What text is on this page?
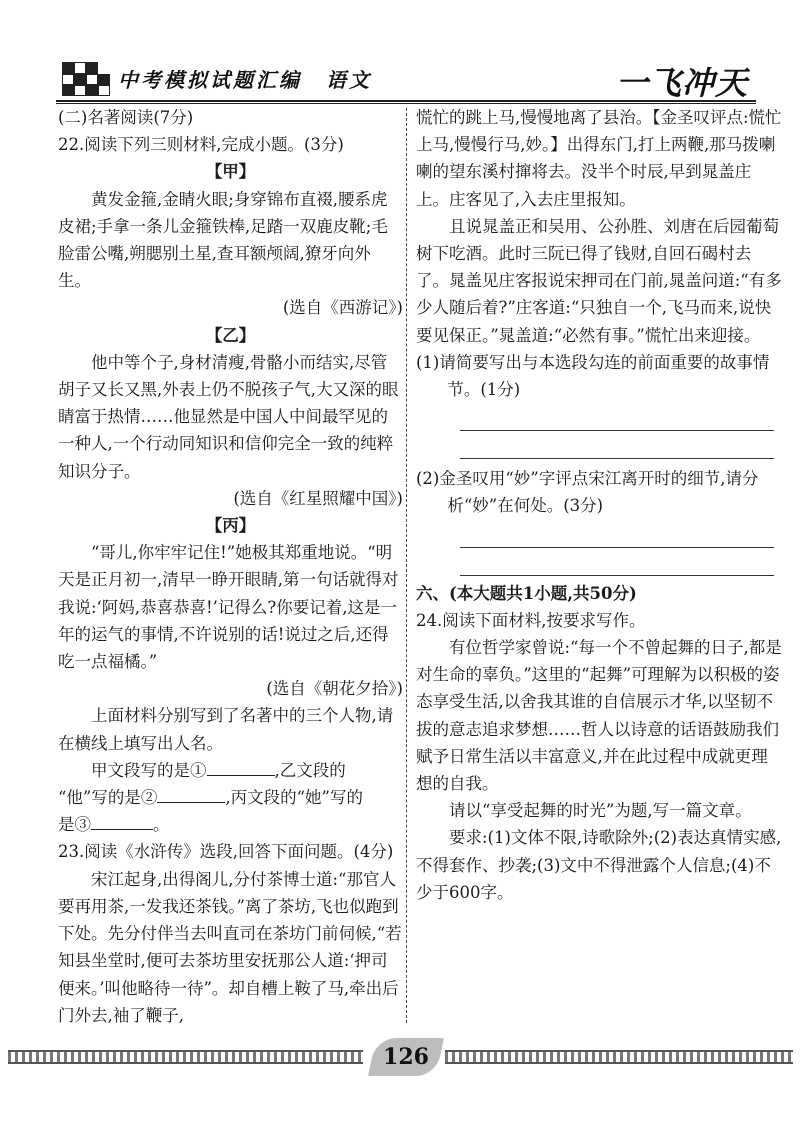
中考模拟试题汇编 语文	一飞冲天

(二)名著阅读(7分)

22.阅读下列三则材料,完成小题。(3分)

【甲】

黄发金箍,金睛火眼;身穿锦布直裰,腰系虎皮裙;手拿一条儿金箍铁棒,足踏一双鹿皮靴;毛脸雷公嘴,朔腮别土星,查耳额颅阔,獠牙向外生。

(选自《西游记》)

【乙】

他中等个子,身材清瘦,骨骼小而结实,尽管胡子又长又黑,外表上仍不脱孩子气,大又深的眼睛富于热情……他显然是中国人中间最罕见的一种人,一个行动同知识和信仰完全一致的纯粹知识分子。

(选自《红星照耀中国》)

【丙】

“哥儿,你牢牢记住!”她极其郑重地说。“明天是正月初一,清早一睁开眼睛,第一句话就得对我说:‘阿妈,恭喜恭喜!’记得么?你要记着,这是一年的运气的事情,不许说别的话!说过之后,还得吃一点福橘。”

(选自《朝花夕拾》)

上面材料分别写到了名著中的三个人物,请在横线上填写出人名。

甲文段写的是①	,乙文段的

“他”写的是②	,丙文段的“她”写的

是③	。

23.阅读《水浒传》选段,回答下面问题。(4分)

宋江起身,出得阁儿,分付茶博士道:“那官人要再用茶,一发我还茶钱。”离了茶坊,飞也似跑到下处。先分付伴当去叫直司在茶坊门前伺候,“若知县坐堂时,便可去茶坊里安抚那公人道:‘押司便来。’叫他略待一待”。却自槽上鞍了马,牵出后门外去,袖了鞭子,

慌忙的跳上马,慢慢地离了县治。【金圣叹评点:慌忙上马,慢慢行马,妙。】出得东门,打上两鞭,那马拨喇喇的望东溪村撺将去。没半个时辰,早到晁盖庄上。庄客见了,入去庄里报知。

且说晁盖正和吴用、公孙胜、刘唐在后园葡萄树下吃酒。此时三阮已得了钱财,自回石碣村去了。晁盖见庄客报说宋押司在门前,晁盖问道:“有多少人随后着?”庄客道:“只独自一个,飞马而来,说快要见保正。”晁盖道:“必然有事。”慌忙出来迎接。

(1)请简要写出与本选段勾连的前面重要的故事情节。(1分)

(2)金圣叹用“妙”字评点宋江离开时的细节,请分析“妙”在何处。(3分)

六、(本大题共1小题,共50分)

24.阅读下面材料,按要求写作。

有位哲学家曾说:“每一个不曾起舞的日子,都是对生命的辜负。”这里的“起舞”可理解为以积极的姿态享受生活,以舍我其谁的自信展示才华,以坚韧不拔的意志追求梦想……哲人以诗意的话语鼓励我们赋予日常生活以丰富意义,并在此过程中成就更理想的自我。

请以“享受起舞的时光”为题,写一篇文章。

要求:(1)文体不限,诗歌除外;(2)表达真情实感,不得套作、抄袭;(3)文中不得泄露个人信息;(4)不少于600字。

126
